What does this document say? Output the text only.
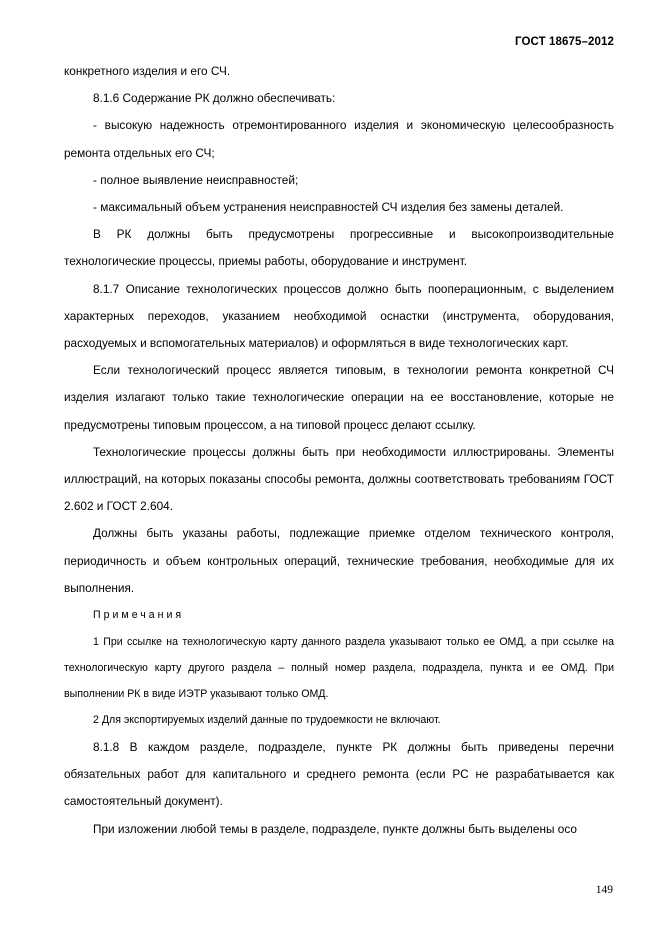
ГОСТ 18675–2012

конкретного изделия и его СЧ.

8.1.6 Содержание РК должно обеспечивать:

- высокую надежность отремонтированного изделия и экономическую целесообразность ремонта отдельных его СЧ;

- полное выявление неисправностей;

- максимальный объем устранения неисправностей СЧ изделия без замены деталей.

В РК должны быть предусмотрены прогрессивные и высокопроизводительные технологические процессы, приемы работы, оборудование и инструмент.

8.1.7 Описание технологических процессов должно быть пооперационным, с выделением характерных переходов, указанием необходимой оснастки (инструмента, оборудования, расходуемых и вспомогательных материалов) и оформляться в виде технологических карт.

Если технологический процесс является типовым, в технологии ремонта конкретной СЧ изделия излагают только такие технологические операции на ее восстановление, которые не предусмотрены типовым процессом, а на типовой процесс делают ссылку.

Технологические процессы должны быть при необходимости иллюстрированы. Элементы иллюстраций, на которых показаны способы ремонта, должны соответствовать требованиям ГОСТ 2.602 и ГОСТ 2.604.

Должны быть указаны работы, подлежащие приемке отделом технического контроля, периодичность и объем контрольных операций, технические требования, необходимые для их выполнения.

Примечания

1 При ссылке на технологическую карту данного раздела указывают только ее ОМД, а при ссылке на технологическую карту другого раздела – полный номер раздела, подраздела, пункта и ее ОМД. При выполнении РК в виде ИЭТР указывают только ОМД.

2 Для экспортируемых изделий данные по трудоемкости не включают.

8.1.8 В каждом разделе, подразделе, пункте РК должны быть приведены перечни обязательных работ для капитального и среднего ремонта (если РС не разрабатывается как самостоятельный документ).

При изложении любой темы в разделе, подразделе, пункте должны быть выделены осо

149
